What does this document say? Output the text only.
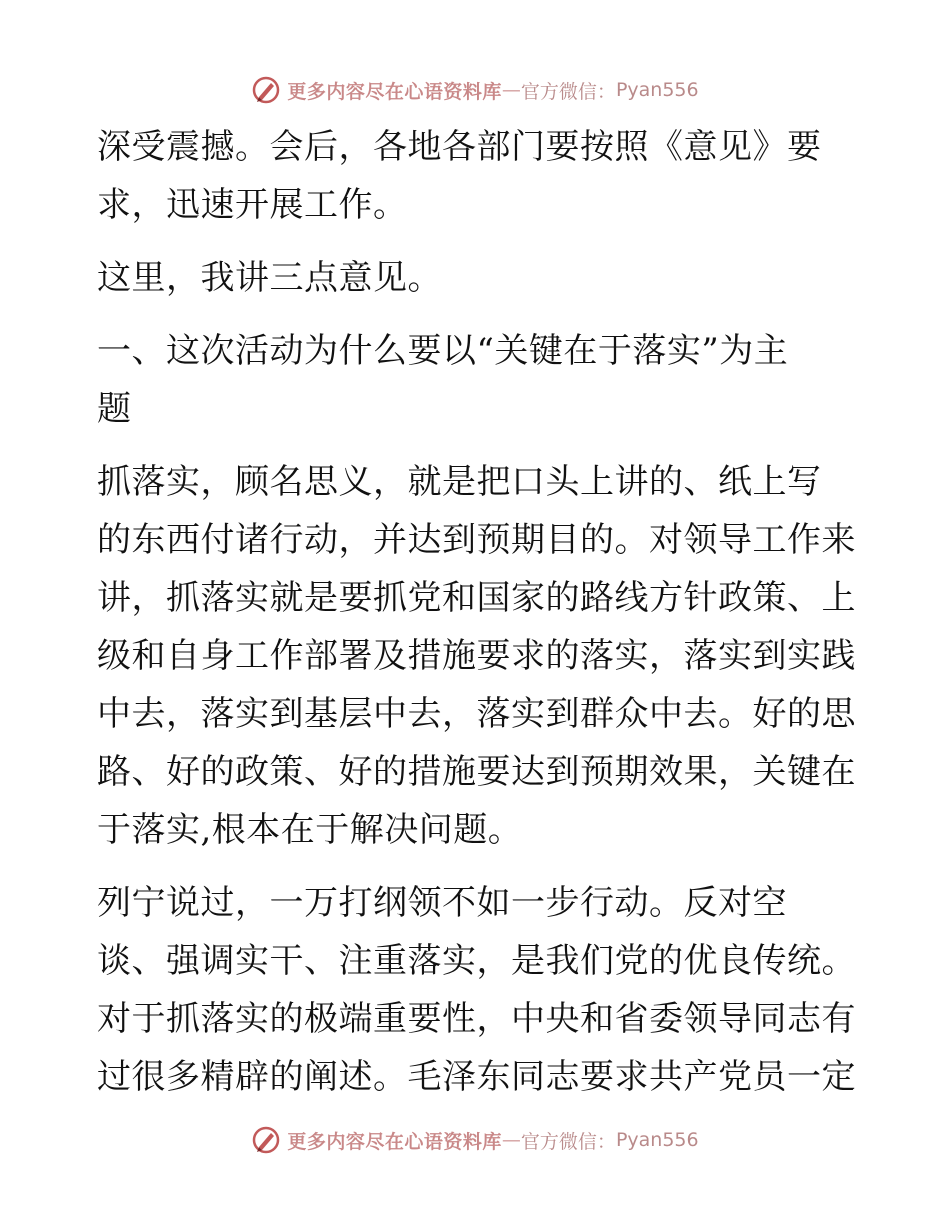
更多内容尽在心语资料库 — 官方微信： Pyan556

深受震撼。会后，各地各部门要按照《意见》要
求，迅速开展工作。

这里，我讲三点意见。

一、这次活动为什么要以“关键在于落实”为主
题

抓落实，顾名思义，就是把口头上讲的、纸上写
的东西付诸行动，并达到预期目的。对领导工作来
讲，抓落实就是要抓党和国家的路线方针政策、上
级和自身工作部署及措施要求的落实，落实到实践
中去，落实到基层中去，落实到群众中去。好的思
路、好的政策、好的措施要达到预期效果，关键在
于落实,根本在于解决问题。

列宁说过，一万打纲领不如一步行动。反对空
谈、强调实干、注重落实，是我们党的优良传统。
对于抓落实的极端重要性，中央和省委领导同志有
过很多精辟的阐述。毛泽东同志要求共产党员一定

更多内容尽在心语资料库 — 官方微信： Pyan556
